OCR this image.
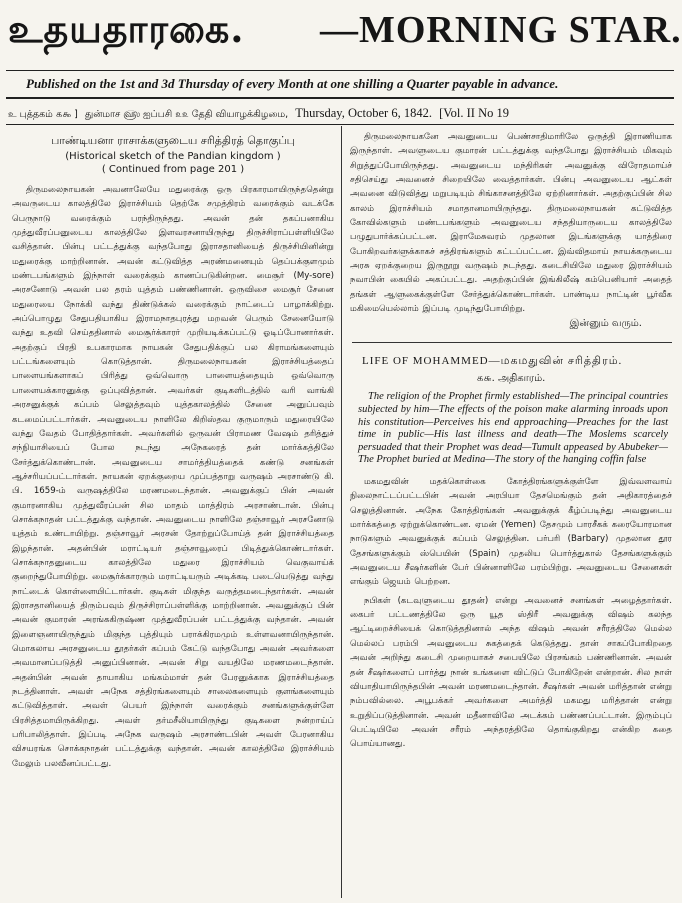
உதயதாரகை. —MORNING STAR.
Published on the 1st and 3d Thursday of every Month at one shilling a Quarter payable in advance.
உ புத்தகம் ௧௯ ] துன்மாச ௵ ஐப்பசி ௨௨ தேதி வியாழக்கிழமை, Thursday, October 6, 1842. [Vol. II No 19
பாண்டியனா ராசாக்களுடைய சரித்திரத் தொகுப்பு
(Historical sketch of the Pandian kingdom )
( Continued from page 201 )

திருமலைநாயகன் அவனாலேயே மதுரைக்கு ஒரு பிரகாரமாயிருந்ததென்று அவருடைய காலத்திலே இராச்சியம் தெற்கே சமுத்திரம் வரைக்கும் வடக்கே பெருநாடு வரைக்கும் பரந்திருந்தது. அவன் தன் தகப்பனாகிய முத்துவீரப்பனுடைய காலத்திலே இளவரசனாயிருந்து திருச்சிராப்பள்ளியிலே வசித்தான். பின்பு பட்டத்துக்கு வந்தபோது இராசதானியைத் திருச்சியினின்று மதுரைக்கு மாற்றினான். அவன் கட்டுவித்த அரண்மனையும் தெப்பக்குளமும் மண்டபங்களும் இந்நாள் வரைக்கும் காணப்படுகின்றன. மைசூர் (My-sore) அரசனோடு அவன் பல தரம் யுத்தம் பண்ணினான். ஒருவிசை மைசூர் சேனை மதுரையை நோக்கி வந்து திண்டுக்கல் வரைக்கும் நாட்டைப் பாழாக்கிற்று. அப்பொழுது சேதுபதியாகிய இராமநாதபுரத்து மறவன் பெரும் சேனையோடு வந்து உதவி செய்ததினால் மைசூர்க்காரர் முறியடிக்கப்பட்டு ஓடிப்போனார்கள். அதற்குப் பிரதி உபகாரமாக நாயகன் சேதுபதிக்குப் பல கிராமங்களையும் பட்டங்களையும் கொடுத்தான். திருமலைநாயகன் இராச்சியத்தைப் பாளையங்களாகப் பிரித்து ஒவ்வொரு பாளையத்தையும் ஒவ்வொரு பாளையக்காரனுக்கு ஒப்புவித்தான். அவர்கள் குடிகளிடத்தில் வரி வாங்கி அரசனுக்குக் கப்பம் செலுத்தவும் யுத்தகாலத்தில் சேனை அனுப்பவும் கடமைப்பட்டார்கள். அவனுடைய நாளிலே கிறிஸ்தவ குருமாரும் மதுரையிலே வந்து வேதம் போதித்தார்கள். அவர்களில் ஒருவன் பிராமண வேஷம் தரித்துச் சந்நியாசியைப் போல நடந்து அநேகரைத் தன் மார்க்கத்திலே சேர்த்துக்கொண்டான். அவனுடைய சாமர்த்தியத்தைக் கண்டு சனங்கள் ஆச்சரியப்பட்டார்கள். நாயகன் ஏறக்குறைய முப்பத்தாறு வருஷம் அரசாண்டு கி. பி. 1659-ம் வருஷத்திலே மரணமடைந்தான். அவனுக்குப் பின் அவன் குமாரனாகிய முத்துவீரப்பன் சில மாதம் மாத்திரம் அரசாண்டான். பின்பு சொக்கநாதன் பட்டத்துக்கு வந்தான். அவனுடைய நாளிலே தஞ்சாவூர் அரசனோடு யுத்தம் உண்டாயிற்று. தஞ்சாவூர் அரசன் தோற்றுப்போய்த் தன் இராச்சியத்தை இழந்தான். அதன்பின் மராட்டியர் தஞ்சாவூரைப் பிடித்துக்கொண்டார்கள். சொக்கநாதனுடைய காலத்திலே மதுரை இராச்சியம் வெகுவாய்க் குறைந்துபோயிற்று. மைசூர்க்காரரும் மராட்டியரும் அடிக்கடி படையெடுத்து வந்து நாட்டைக் கொள்ளையிட்டார்கள். குடிகள் மிகுந்த வருத்தமடைந்தார்கள். அவன் இராசதானியைத் திரும்பவும் திருச்சிராப்பள்ளிக்கு மாற்றினான். அவனுக்குப் பின் அவன் குமாரன் அரங்ககிருஷ்ண முத்துவீரப்பன் பட்டத்துக்கு வந்தான். அவன் இளைஞனாயிருந்தும் மிகுந்த புத்தியும் பராக்கிரமமும் உள்ளவனாயிருந்தான். மொகலாய அரசனுடைய தூதர்கள் கப்பம் கேட்டு வந்தபோது அவன் அவர்களை அவமானப்படுத்தி அனுப்பினான். அவன் சிறு வயதிலே மரணமடைந்தான். அதன்பின் அவன் தாயாகிய மங்கம்மாள் தன் பேரனுக்காக இராச்சியத்தை நடத்தினாள். அவள் அநேக சத்திரங்களையும் சாலைகளையும் குளங்களையும் கட்டுவித்தாள். அவள் பெயர் இந்நாள் வரைக்கும் சனங்களுக்குள்ளே பிரசித்தமாயிருக்கிறது. அவள் தர்மசீலியாயிருந்து குடிகளை நன்றாய்ப் பரிபாலித்தாள். இப்படி அநேக வருஷம் அரசாண்டபின் அவள் பேரனாகிய விசயரங்க சொக்கநாதன் பட்டத்துக்கு வந்தான். அவன் காலத்திலே இராச்சியம் மேலும் பலவீனப்பட்டது.

திருமலைநாயகனே அவனுடைய பெண்சாதிமாரிலே ஒருத்தி இராணியாக இருந்தாள். அவளுடைய குமாரன் பட்டத்துக்கு வந்தபோது இராச்சியம் மிகவும் சிறுத்துப்போயிருந்தது. அவனுடைய மந்திரிகள் அவனுக்கு விரோதமாய்ச் சதிசெய்து அவனைச் சிறையிலே வைத்தார்கள். பின்பு அவனுடைய ஆட்கள் அவனை விடுவித்து மறுபடியும் சிங்காசனத்திலே ஏற்றினார்கள். அதற்குப்பின் சில காலம் இராச்சியம் சமாதானமாயிருந்தது. திருமலைநாயகன் கட்டுவித்த கோவில்களும் மண்டபங்களும் அவனுடைய சந்ததியாருடைய காலத்திலே பழுதுபார்க்கப்பட்டன. இராமேசுவரம் முதலான இடங்களுக்கு யாத்திரை போகிறவர்களுக்காகச் சத்திரங்களும் கட்டப்பட்டன. இவ்விதமாய் நாயக்கருடைய அரசு ஏறக்குறைய இருநூறு வருஷம் நடந்தது. கடைசியிலே மதுரை இராச்சியம் நவாபின் கையில் அகப்பட்டது. அதற்குப்பின் இங்கிலீஷ் கம்பெனியார் அதைத் தங்கள் ஆளுகைக்குள்ளே சேர்த்துக்கொண்டார்கள். பாண்டிய நாட்டின் பூர்வீக மகிமையெல்லாம் இப்படி முடிந்துபோயிற்று.

இன்னும் வரும்.
LIFE OF MOHAMMED—மகமதுவின் சரித்திரம்.
௧௬. அதிகாரம்.

The religion of the Prophet firmly established—The principal countries subjected by him—The effects of the poison make alarming inroads upon his constitution—Perceives his end approaching—Preaches for the last time in public—His last illness and death—The Moslems scarcely persuaded that their Prophet was dead—Tumult appeased by Abubeker—The Prophet buried at Medina—The story of the hanging coffin false

மகமதுவின் மதக்கொள்கை கோத்திரங்களுக்குள்ளே இவ்வளவாய் நிலைநாட்டப்பட்டபின் அவன் அரபியா தேசமெங்கும் தன் அதிகாரத்தைச் செலுத்தினான். அநேக கோத்திரங்கள் அவனுக்குக் கீழ்ப்படிந்து அவனுடைய மார்க்கத்தை ஏற்றுக்கொண்டன. ஏமன் (Yemen) தேசமும் பாரசீகக் கரையோரமான நாடுகளும் அவனுக்குக் கப்பம் செலுத்தின. பர்பரி (Barbary) முதலான தூர தேசங்களுக்கும் ஸ்பெயின் (Spain) முதலிய பொர்த்துகால் தேசங்களுக்கும் அவனுடைய சீஷர்களின் பேர் பின்னாளிலே பரம்பிற்று. அவனுடைய சேனைகள் எங்கும் ஜெயம் பெற்றன.

நபிகள் (கடவுளுடைய தூதன்) என்று அவனைச் சனங்கள் அழைத்தார்கள். கைபர் பட்டணத்திலே ஒரு யூத ஸ்திரீ அவனுக்கு விஷம் கலந்த ஆட்டிறைச்சியைக் கொடுத்ததினால் அந்த விஷம் அவன் சரீரத்திலே மெல்ல மெல்லப் பரம்பி அவனுடைய சுகத்தைக் கெடுத்தது. தான் சாகப்போகிறதை அவன் அறிந்து கடைசி முறையாகச் சபையிலே பிரசங்கம் பண்ணினான். அவன் தன் சீஷர்களைப் பார்த்து நான் உங்களை விட்டுப் போகிறேன் என்றான். சில நாள் வியாதியாயிருந்தபின் அவன் மரணமடைந்தான். சீஷர்கள் அவன் மரித்தான் என்று நம்பவில்லை. அபூபக்கர் அவர்களை அமர்த்தி மகமது மரித்தான் என்று உறுதிப்படுத்தினான். அவன் மதீனாவிலே அடக்கம் பண்ணப்பட்டான். இரும்புப் பெட்டியிலே அவன் சரீரம் அந்தரத்திலே தொங்குகிறது என்கிற கதை பொய்யானது.
